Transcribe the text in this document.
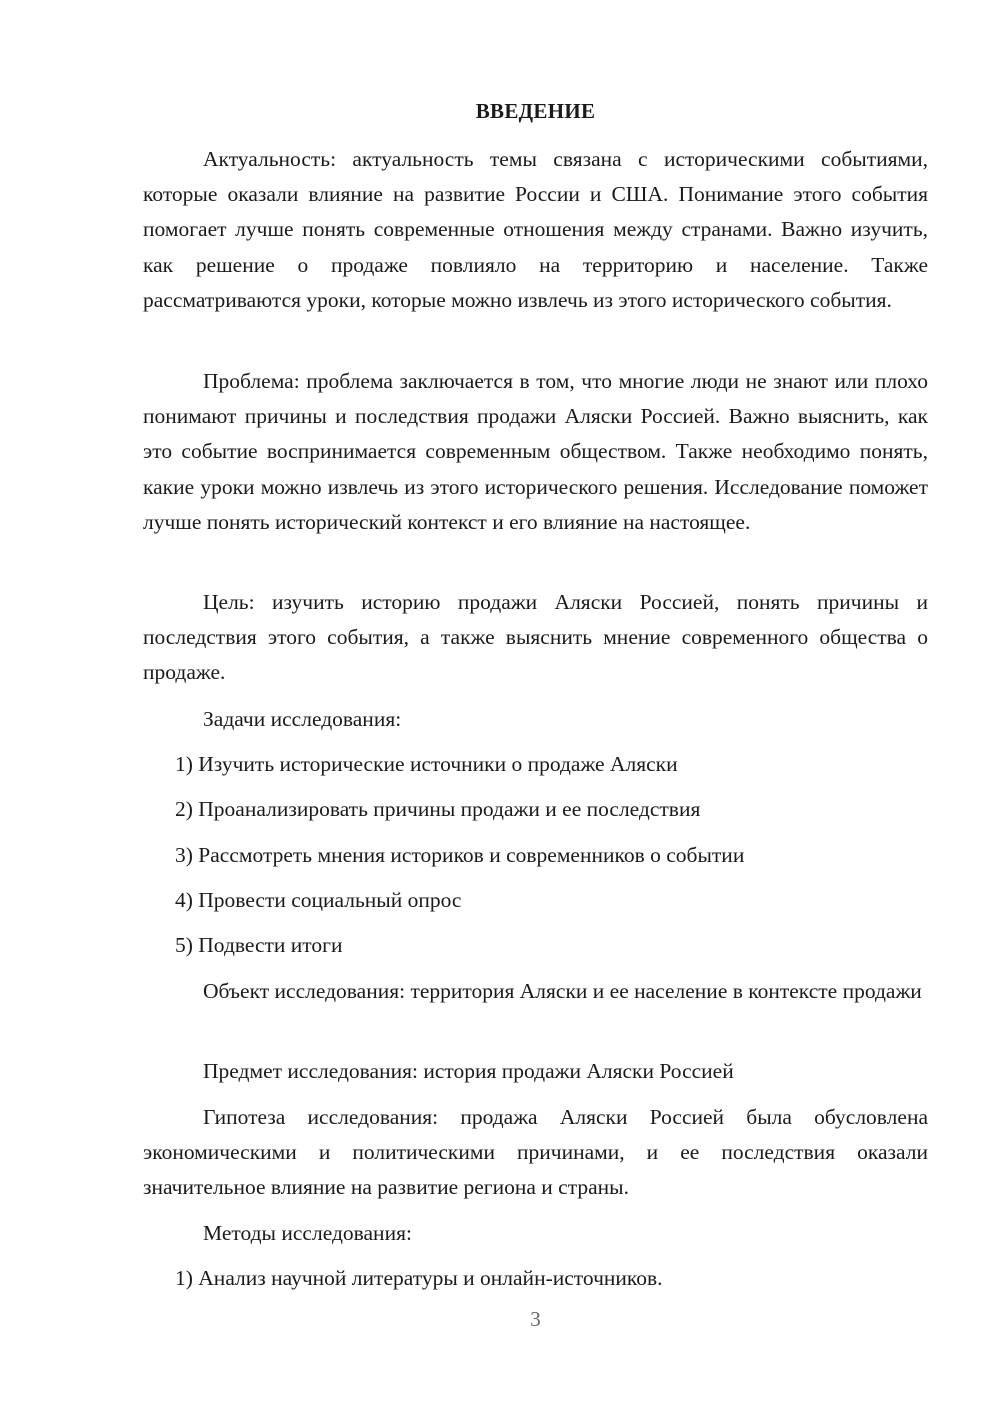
ВВЕДЕНИЕ

Актуальность: актуальность темы связана с историческими событиями, которые оказали влияние на развитие России и США. Понимание этого события помогает лучше понять современные отношения между странами. Важно изучить, как решение о продаже повлияло на территорию и население. Также рассматриваются уроки, которые можно извлечь из этого исторического события.

Проблема: проблема заключается в том, что многие люди не знают или плохо понимают причины и последствия продажи Аляски Россией. Важно выяснить, как это событие воспринимается современным обществом. Также необходимо понять, какие уроки можно извлечь из этого исторического решения. Исследование поможет лучше понять исторический контекст и его влияние на настоящее.

Цель: изучить историю продажи Аляски Россией, понять причины и последствия этого события, а также выяснить мнение современного общества о продаже.

Задачи исследования:

1) Изучить исторические источники о продаже Аляски
2) Проанализировать причины продажи и ее последствия
3) Рассмотреть мнения историков и современников о событии
4) Провести социальный опрос
5) Подвести итоги

Объект исследования: территория Аляски и ее население в контексте продажи

Предмет исследования: история продажи Аляски Россией

Гипотеза исследования: продажа Аляски Россией была обусловлена экономическими и политическими причинами, и ее последствия оказали значительное влияние на развитие региона и страны.

Методы исследования:

1) Анализ научной литературы и онлайн-источников.
3
